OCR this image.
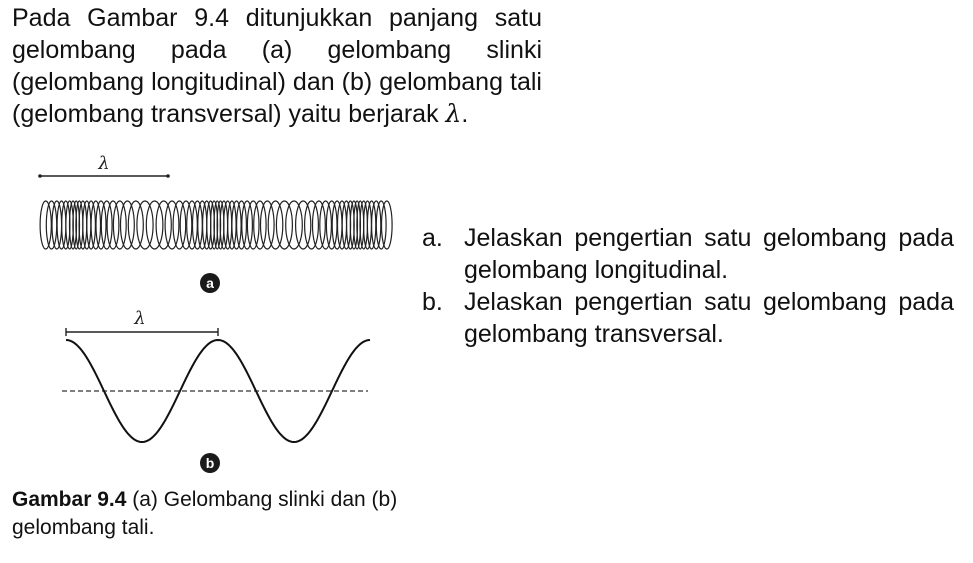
Pada Gambar 9.4 ditunjukkan panjang satu gelombang pada (a) gelombang slinki (gelombang longitudinal) dan (b) gelombang tali (gelombang transversal) yaitu berjarak λ.

λ
a
λ
b

Gambar 9.4 (a) Gelombang slinki dan (b) gelombang tali.

a. Jelaskan pengertian satu gelombang pada gelombang longitudinal.
b. Jelaskan pengertian satu gelombang pada gelombang transversal.
